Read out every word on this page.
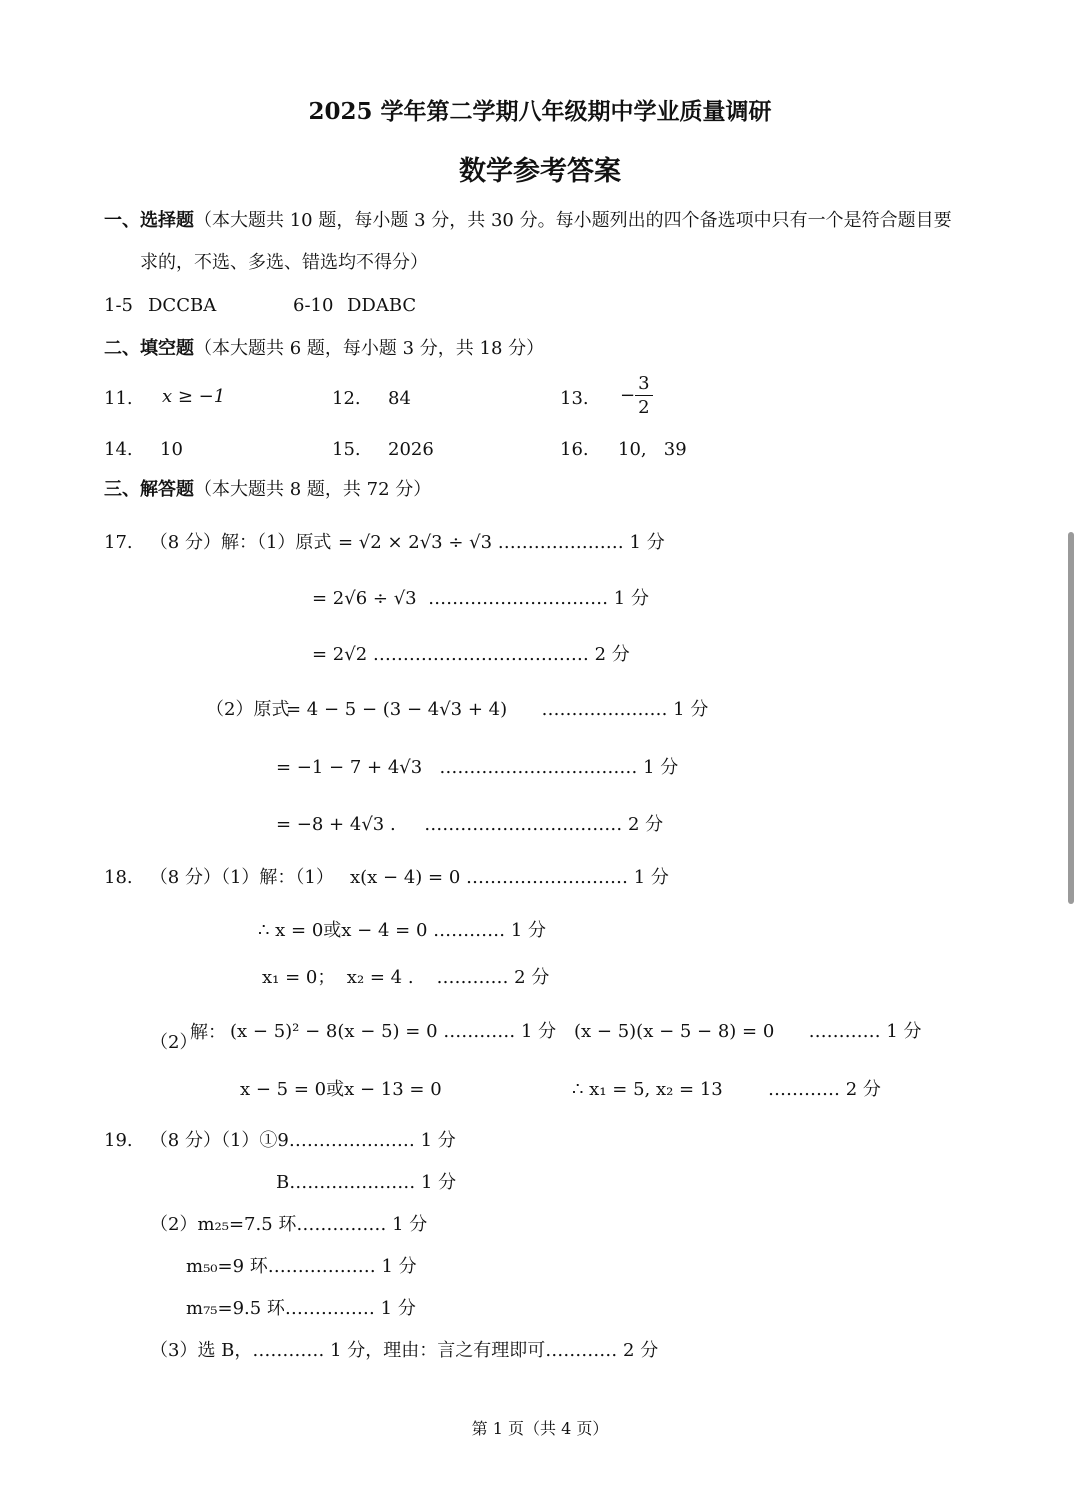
2025 学年第二学期八年级期中学业质量调研
数学参考答案
一、选择题（本大题共 10 题，每小题 3 分，共 30 分。每小题列出的四个备选项中只有一个是符合题目要
求的，不选、多选、错选均不得分）
1-5 DCCBA	6-10 DDABC
二、填空题（本大题共 6 题，每小题 3 分，共 18 分）
11. x ≥ −1	12. 84	13. − $\frac{3}{2}$
14. 10	15. 2026	16. 10,   39
三、解答题（本大题共 8 题，共 72 分）
17.   （8 分）解：（1）原式 = √2 × 2√3 ÷ √3 ………………… 1 分
= 2√6 ÷ √3  ………………………… 1 分
= 2√2 ……………………………… 2 分
（2）原式
= 4 − 5 − (3 − 4√3 + 4)      ………………… 1 分
= −1 − 7 + 4√3   …………………………… 1 分
= −8 + 4√3 .     …………………………… 2 分
18.   （8 分）（1）解：（1） x(x − 4) = 0 ……………………… 1 分
∴ x = 0或x − 4 = 0 ………… 1 分
x₁ = 0；  x₂ = 4 .    ………… 2 分
（2）
解： (x − 5)² − 8(x − 5) = 0 ………… 1 分 (x − 5)(x − 5 − 8) = 0      ………… 1 分
x − 5 = 0或x − 13 = 0	∴ x₁ = 5, x₂ = 13	………… 2 分
19.   （8 分）（1）①9………………… 1 分
B………………… 1 分
（2）m₂₅=7.5 环…………… 1 分
m₅₀=9 环……………… 1 分
m₇₅=9.5 环…………… 1 分
（3）选 B，………… 1 分，理由：言之有理即可………… 2 分
第 1 页（共 4 页）
